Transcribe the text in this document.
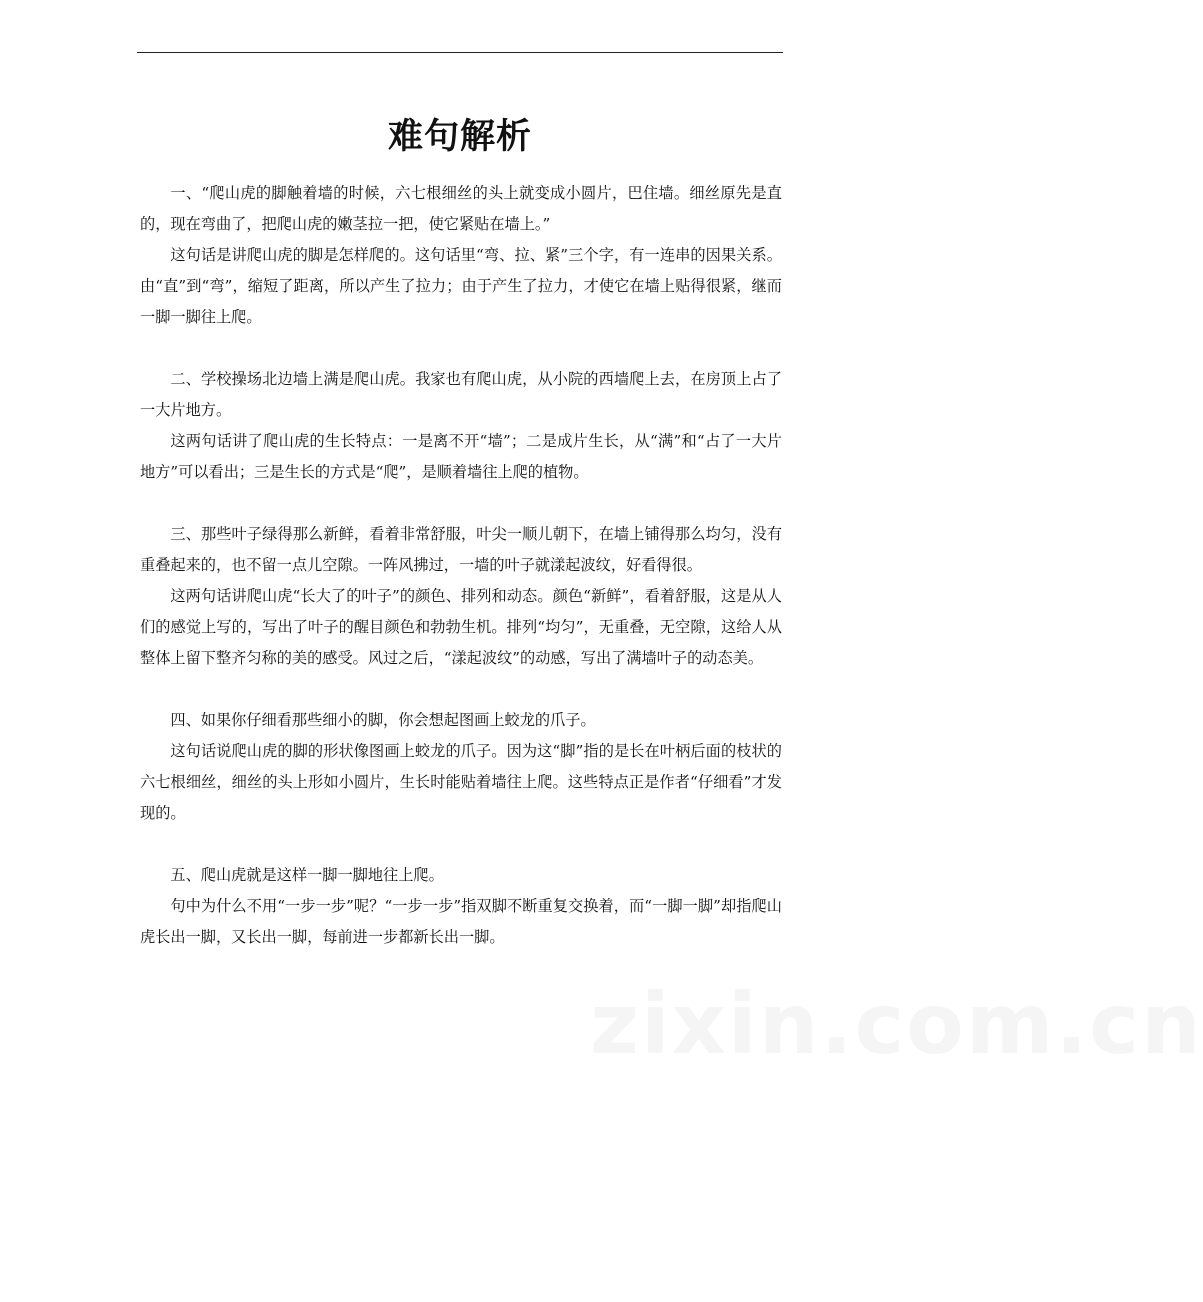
难句解析

一、“爬山虎的脚触着墙的时候，六七根细丝的头上就变成小圆片，巴住墙。细丝原先是直的，现在弯曲了，把爬山虎的嫩茎拉一把，使它紧贴在墙上。”

这句话是讲爬山虎的脚是怎样爬的。这句话里“弯、拉、紧”三个字，有一连串的因果关系。由“直”到“弯”，缩短了距离，所以产生了拉力；由于产生了拉力，才使它在墙上贴得很紧，继而一脚一脚往上爬。

二、学校操场北边墙上满是爬山虎。我家也有爬山虎，从小院的西墙爬上去，在房顶上占了一大片地方。

这两句话讲了爬山虎的生长特点：一是离不开“墙”；二是成片生长，从“满”和“占了一大片地方”可以看出；三是生长的方式是“爬”，是顺着墙往上爬的植物。

三、那些叶子绿得那么新鲜，看着非常舒服，叶尖一顺儿朝下，在墙上铺得那么均匀，没有重叠起来的，也不留一点儿空隙。一阵风拂过，一墙的叶子就漾起波纹，好看得很。

这两句话讲爬山虎“长大了的叶子”的颜色、排列和动态。颜色“新鲜”，看着舒服，这是从人们的感觉上写的，写出了叶子的醒目颜色和勃勃生机。排列“均匀”，无重叠，无空隙，这给人从整体上留下整齐匀称的美的感受。风过之后，“漾起波纹”的动感，写出了满墙叶子的动态美。

四、如果你仔细看那些细小的脚，你会想起图画上蛟龙的爪子。

这句话说爬山虎的脚的形状像图画上蛟龙的爪子。因为这“脚”指的是长在叶柄后面的枝状的六七根细丝，细丝的头上形如小圆片，生长时能贴着墙往上爬。这些特点正是作者“仔细看”才发现的。

五、爬山虎就是这样一脚一脚地往上爬。

句中为什么不用“一步一步”呢？“一步一步”指双脚不断重复交换着，而“一脚一脚”却指爬山虎长出一脚，又长出一脚，每前进一步都新长出一脚。

zixin.com.cn
